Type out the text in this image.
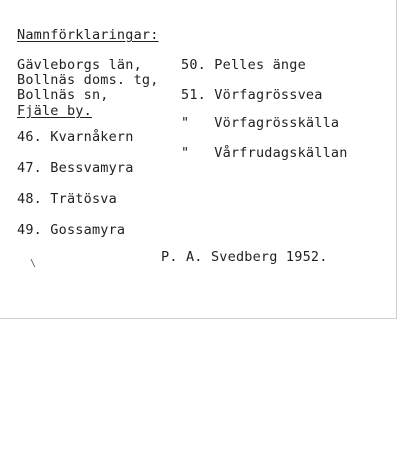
Namnförklaringar:
Gävleborgs län,
Bollnäs doms. tg,
Bollnäs sn,
Fjäle by.
46. Kvarnåkern
47. Bessvamyra
48. Trätösva
49. Gossamyra
50. Pelles änge
51. Vörfagrössvea
"   Vörfagrösskälla
"   Vårfrudagskällan
\	P. A. Svedberg 1952.
